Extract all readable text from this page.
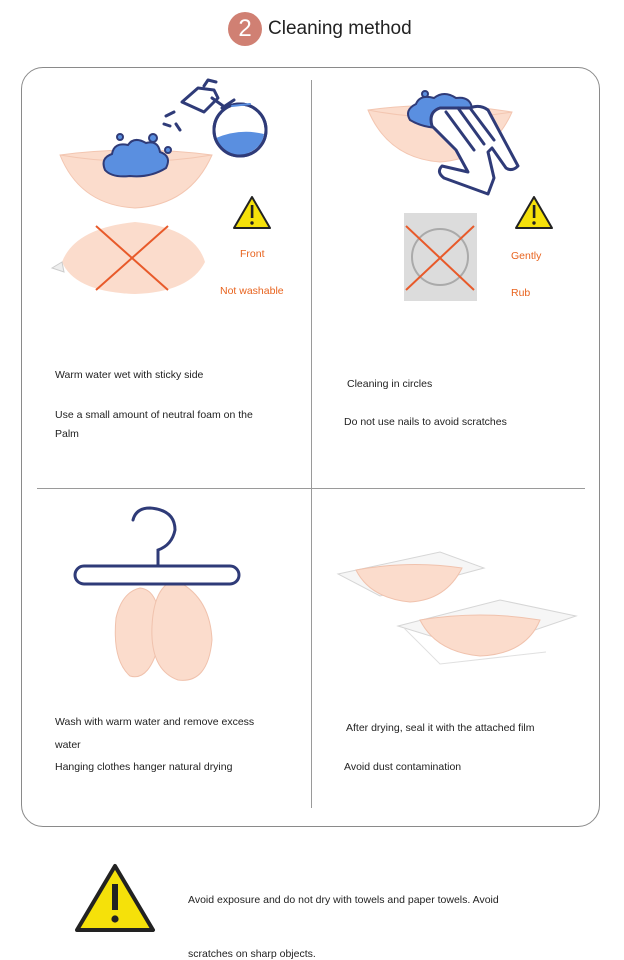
2 Cleaning method
Front
Not washable
Warm water wet with sticky side
Use a small amount of neutral foam on the
Palm
Gently
Rub
Cleaning in circles
Do not use nails to avoid scratches
Wash with warm water and remove excess
water
Hanging clothes hanger natural drying
After drying, seal it with the attached film
Avoid dust contamination
Avoid exposure and do not dry with towels and paper towels. Avoid
scratches on sharp objects.
